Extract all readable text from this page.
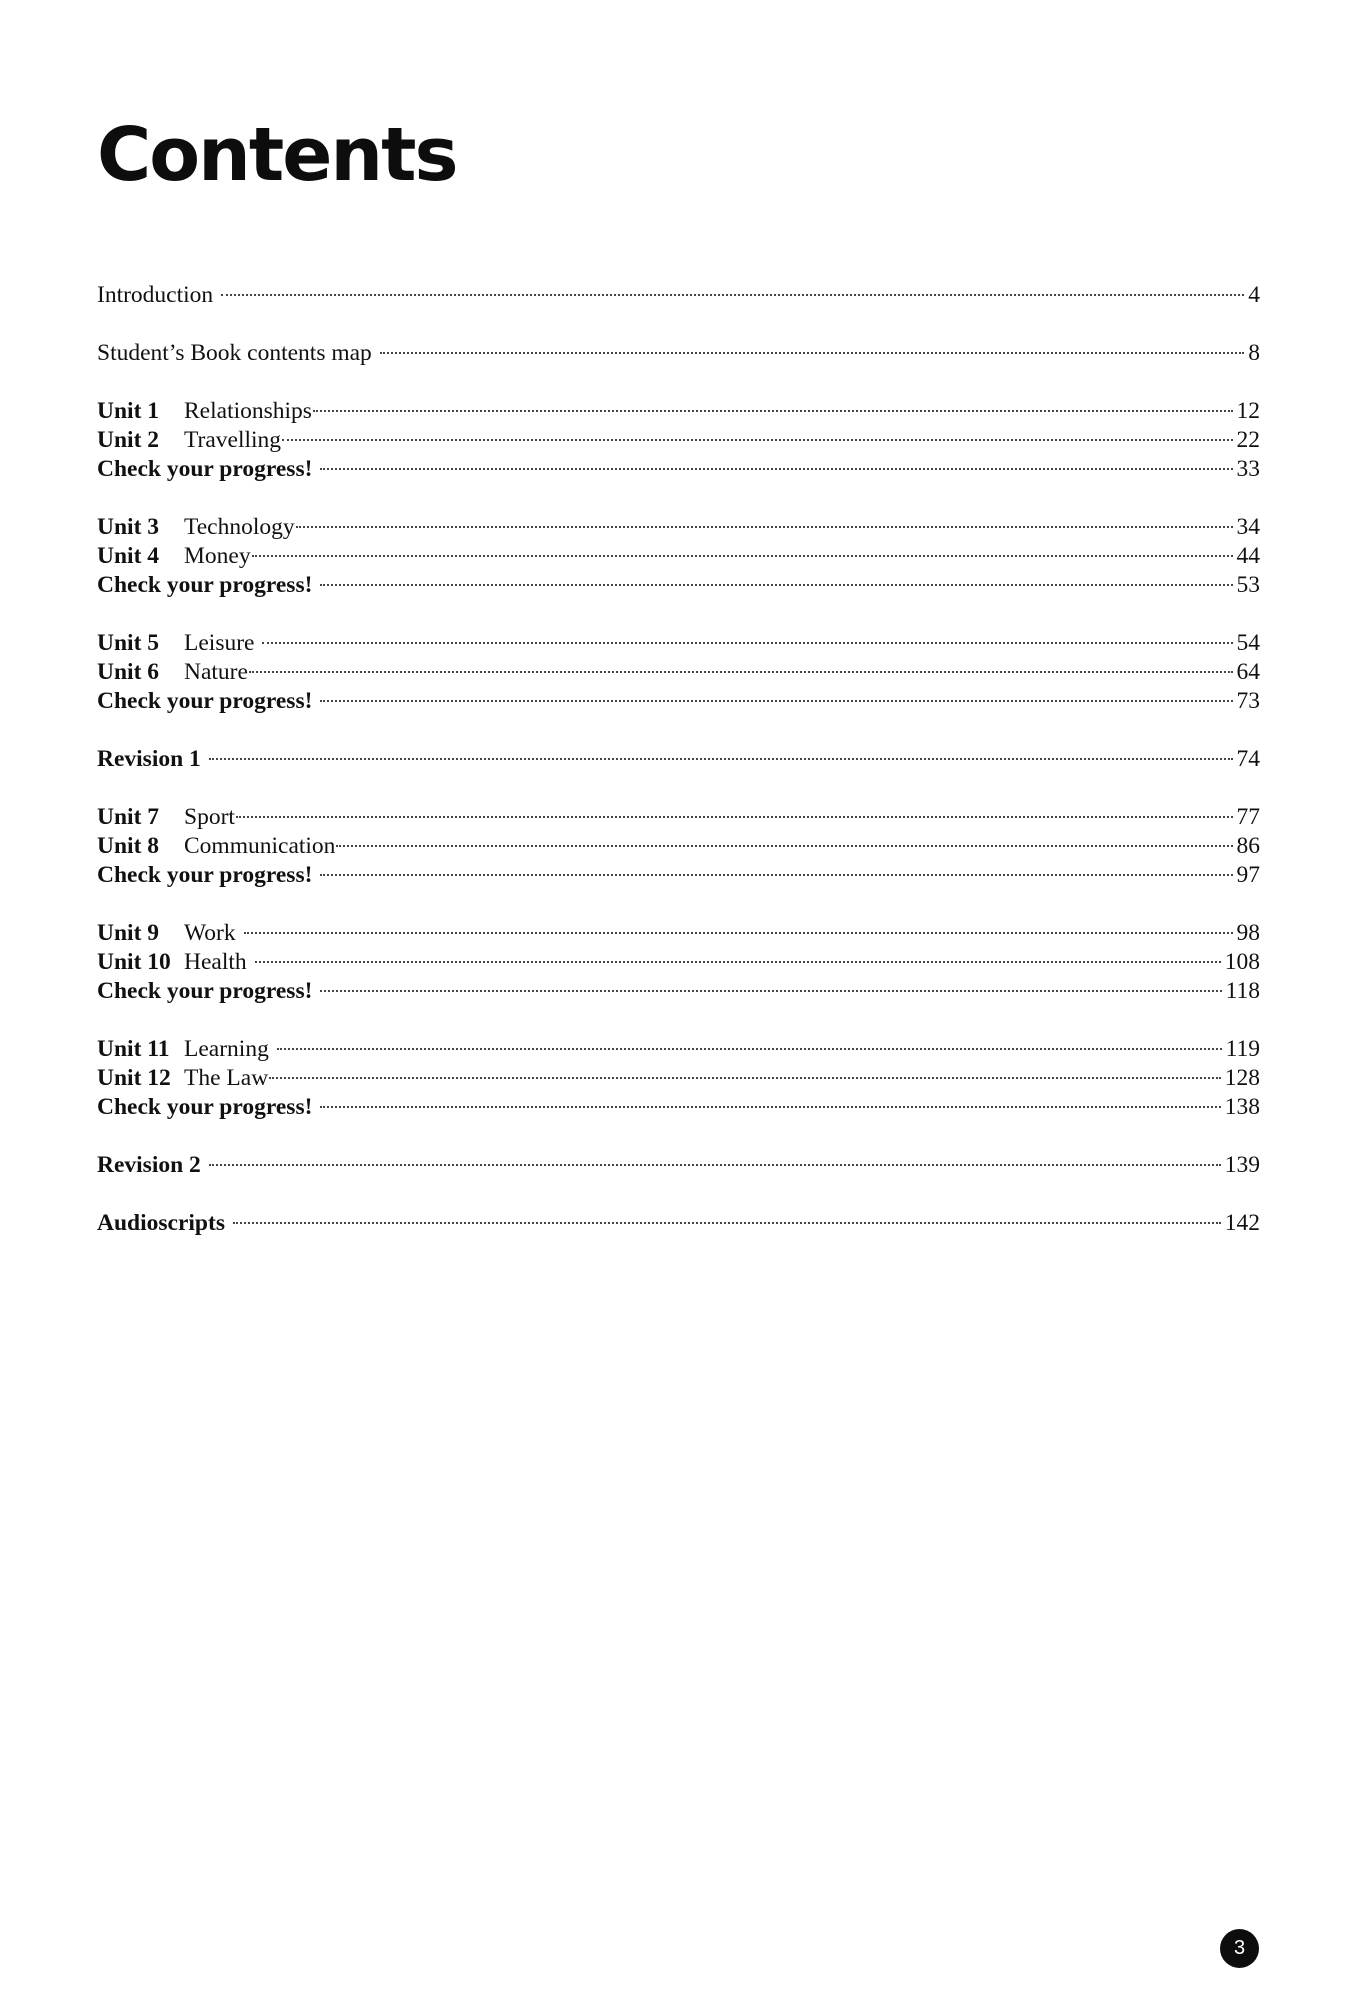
Contents
Introduction	4
Student’s Book contents map	8
Unit 1	Relationships	12
Unit 2	Travelling	22
Check your progress!	33
Unit 3	Technology	34
Unit 4	Money	44
Check your progress!	53
Unit 5	Leisure	54
Unit 6	Nature	64
Check your progress!	73
Revision 1	74
Unit 7	Sport	77
Unit 8	Communication	86
Check your progress!	97
Unit 9	Work	98
Unit 10 Health	108
Check your progress!	118
Unit 11 Learning	119
Unit 12 The Law	128
Check your progress!	138
Revision 2	139
Audioscripts	142
3
